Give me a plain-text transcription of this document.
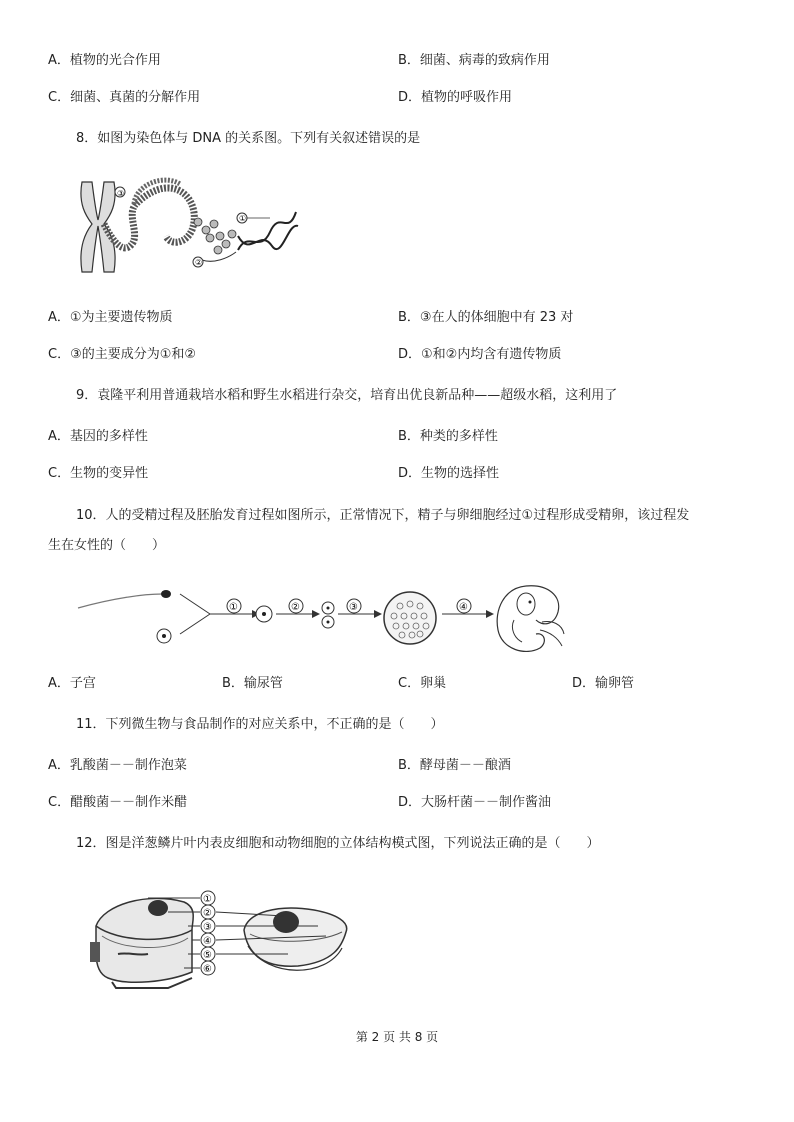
A．植物的光合作用	B．细菌、病毒的致病作用
C．细菌、真菌的分解作用	D．植物的呼吸作用
8．如图为染色体与 DNA 的关系图。下列有关叙述错误的是
③
②
①
A．①为主要遗传物质	B．③在人的体细胞中有 23 对
C．③的主要成分为①和②	D．①和②内均含有遗传物质
9．袁隆平利用普通栽培水稻和野生水稻进行杂交，培育出优良新品种——超级水稻，这利用了
A．基因的多样性	B．种类的多样性
C．生物的变异性	D．生物的选择性
10．人的受精过程及胚胎发育过程如图所示，正常情况下，精子与卵细胞经过①过程形成受精卵，该过程发
生在女性的（　　）
①	②	③	④
A．子宫	B．输尿管	C．卵巢	D．输卵管
11．下列微生物与食品制作的对应关系中，不正确的是（　　）
A．乳酸菌－－制作泡菜	B．酵母菌－－酿酒
C．醋酸菌－－制作米醋	D．大肠杆菌－－制作酱油
12．图是洋葱鳞片叶内表皮细胞和动物细胞的立体结构模式图，下列说法正确的是（　　）
①
②
③
④
⑤
⑥
第 2 页 共 8 页
